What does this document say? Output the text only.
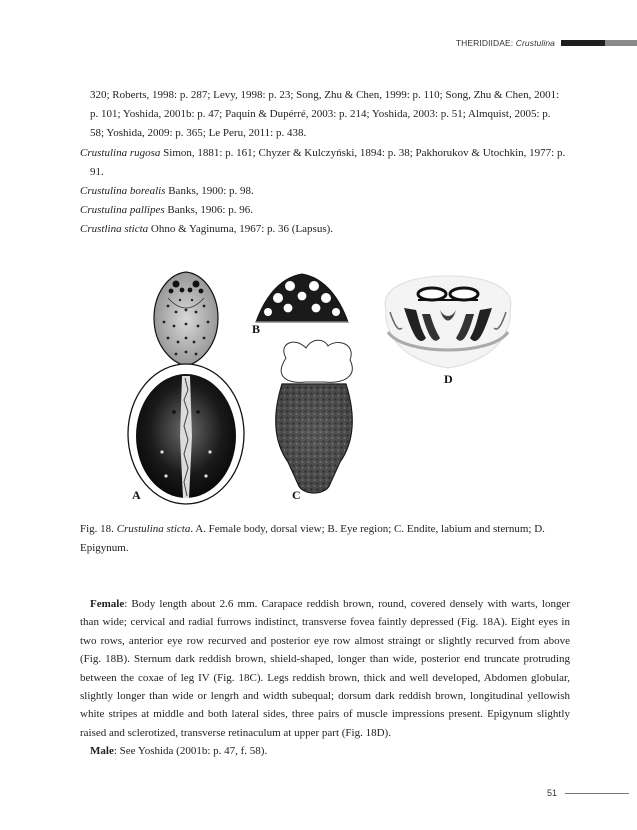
THERIDIIDAE: Crustulina

320; Roberts, 1998: p. 287; Levy, 1998: p. 23; Song, Zhu & Chen, 1999: p. 110; Song, Zhu & Chen, 2001:

p. 101; Yoshida, 2001b: p. 47; Paquin & Dupérré, 2003: p. 214; Yoshida, 2003: p. 51; Almquist, 2005: p.

58; Yoshida, 2009: p. 365; Le Peru, 2011: p. 438.

Crustulina rugosa Simon, 1881: p. 161; Chyzer & Kulczyński, 1894: p. 38; Pakhorukov & Utochkin, 1977: p. 91.

Crustulina borealis Banks, 1900: p. 98.

Crustulina pallipes Banks, 1906: p. 96.

Crustlina sticta Ohno & Yaginuma, 1967: p. 36 (Lapsus).

A
B
C
D

Fig. 18. Crustulina sticta. A. Female body, dorsal view; B. Eye region; C. Endite, labium and sternum; D. Epigynum.

Female: Body length about 2.6 mm. Carapace reddish brown, round, covered densely with warts, longer than wide; cervical and radial furrows indistinct, transverse fovea faintly depressed (Fig. 18A). Eight eyes in two rows, anterior eye row recurved and posterior eye row almost straingt or slightly recurved from above (Fig. 18B). Sternum dark reddish brown, shield-shaped, longer than wide, posterior end truncate protruding between the coxae of leg IV (Fig. 18C). Legs reddish brown, thick and well developed, Abdomen globular, slightly longer than wide or lengrh and width subequal; dorsum dark reddish brown, longitudinal yellowish white stripes at middle and both lateral sides, three pairs of muscle impressions present. Epigynum slightly raised and sclerotized, transverse retinaculum at upper part (Fig. 18D).

Male: See Yoshida (2001b: p. 47, f. 58).

51
